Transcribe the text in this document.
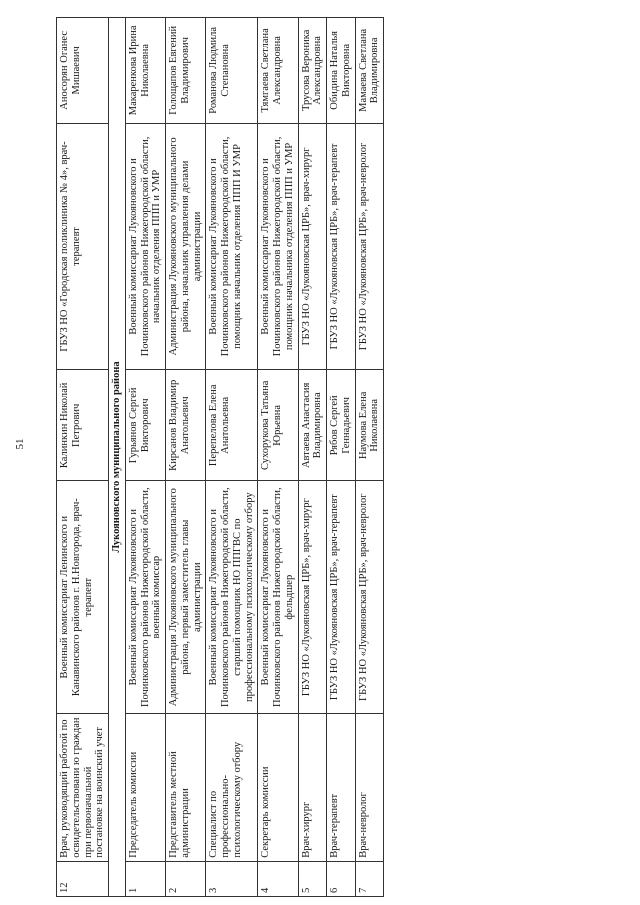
51
12	Врач, руководящий работой по освидетельствовани ю граждан при первоначальной постановке на воинский учет	Военный комиссариат Ленинского и Канавинского районов г. Н.Новгорода, врач-терапевт	Калинкин Николай Петрович	ГБУЗ НО «Городская поликлиника № 4», врач-терапевт	Аносорян Оганес Мишаевич
Лукояновского муниципального района					
1	Председатель комиссии	Военный комиссариат Лукояновского и Починковского районов Нижегородской области, военный комиссар	Гурьянов Сергей Викторович	Военный комиссариат Лукояновского и Починковского районов Нижегородской области, начальник отделения ППП и УМР	Макаренкова Ирина Николаевна
2	Представитель местной администрации	Администрация Лукояновского муниципального района, первый заместитель главы администрации	Кирсанов Владимир Анатольевич	Администрация Лукояновского муниципального района, начальник управления делами администрации	Голощапов Евгений Владимирович
3	Специалист по профессионально-психологическому отбору	Военный комиссариат Лукояновского и Починковского районов Нижегородской области, старший помощник НО ППГВС по профессиональному психологическому отбору	Перепелова Елена Анатольевна	Военный комиссариат Лукояновского и Починковского районов Нижегородской области, помощник начальник отделения ППП И УМР	Романова Людмила Степановна
4	Секретарь комиссии	Военный комиссариат Лукояновского и Починковского районов Нижегородской области, фельдшер	Сухорукова Татьяна Юрьевна	Военный комиссариат Лукояновского и Починковского районов Нижегородской области, помощник начальника отделения ППП и УМР	Тямгаева Светлана Александровна
5	Врач-хирург	ГБУЗ НО «Лукояновская ЦРБ», врач-хирург	Автаева Анастасия Владимировна	ГБУЗ НО «Лукояновская ЦРБ», врач-хирург	Трусова Вероника Александровна
6	Врач-терапевт	ГБУЗ НО «Лукояновская ЦРБ», врач-терапевт	Рябов Сергей Геннадьевич	ГБУЗ НО «Лукояновская ЦРБ», врач-терапевт	Обидина Наталья Викторовна
7	Врач-невролог	ГБУЗ НО «Лукояновская ЦРБ», врач-невролог	Наумова Елена Николаевна	ГБУЗ НО «Лукояновская ЦРБ», врач-невролог	Мамаева Светлана Владимировна
